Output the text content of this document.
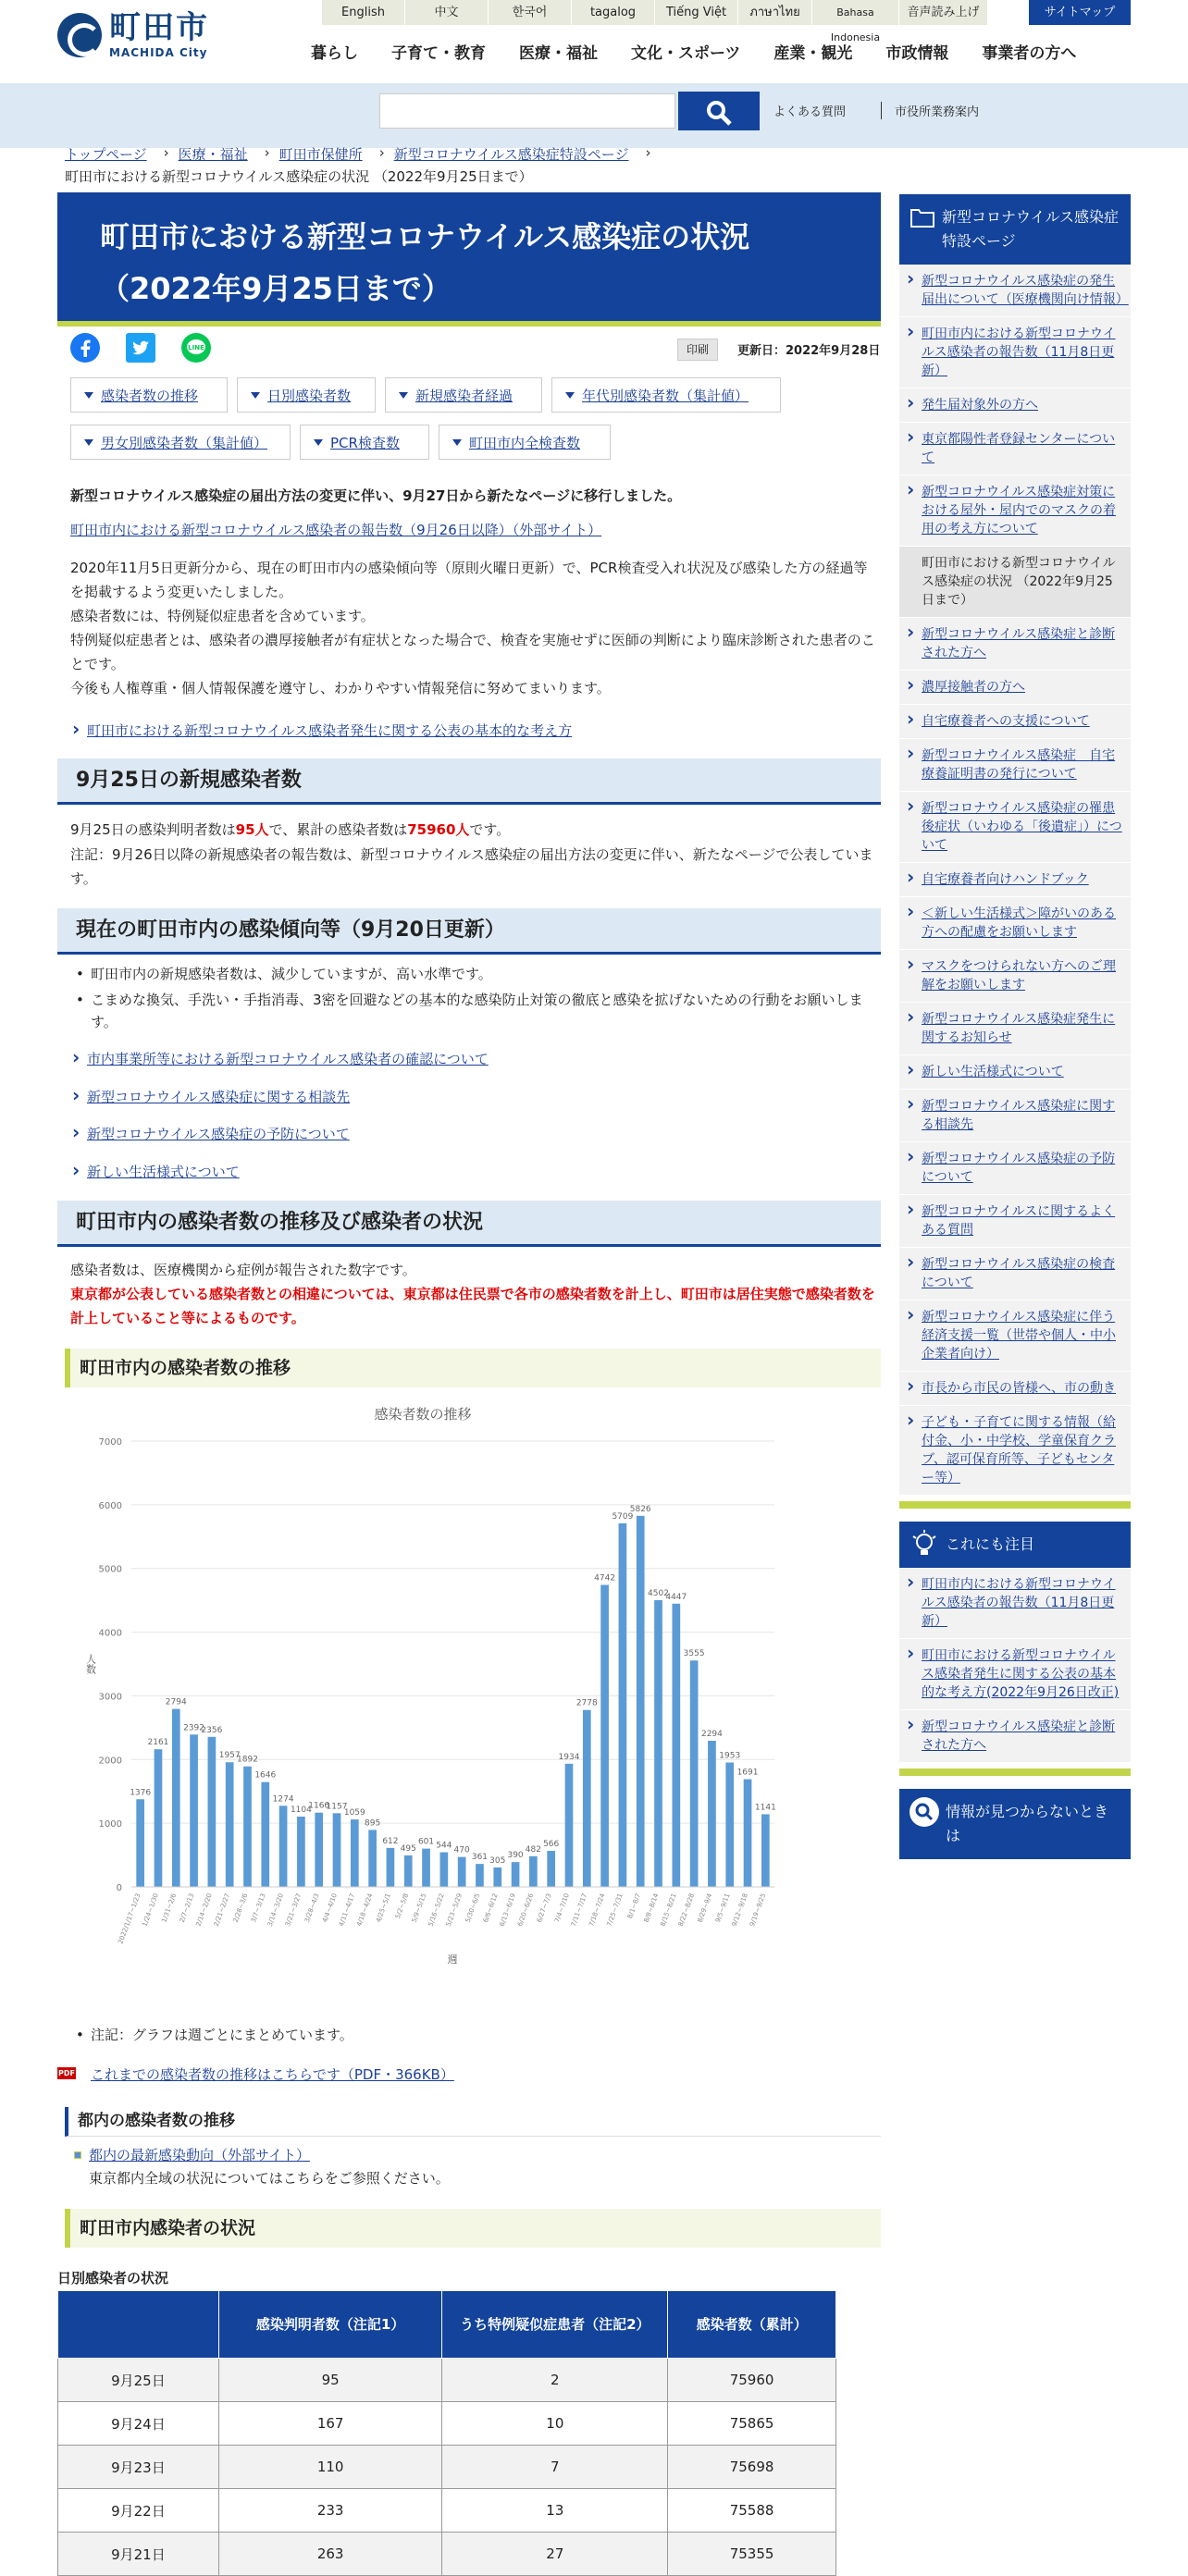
町田市
MACHIDA City
English	中文	한국어	tagalog	Tiếng Việt	ภาษาไทย	Bahasa Indonesia
音声読み上げ	サイトマップ
暮らし	子育て・教育	医療・福祉	文化・スポーツ	産業・観光	市政情報	事業者の方へ
よくある質問	市役所業務案内
トップページ › 医療・福祉 › 町田市保健所 › 新型コロナウイルス感染症特設ページ ›
町田市における新型コロナウイルス感染症の状況 （2022年9月25日まで）
町田市における新型コロナウイルス感染症の状況
（2022年9月25日まで）
LINE	印刷	更新日：2022年9月28日
感染者数の推移	日別感染者数	新規感染者経過	年代別感染者数（集計値）
男女別感染者数（集計値）	PCR検査数	町田市内全検査数
新型コロナウイルス感染症の届出方法の変更に伴い、9月27日から新たなページに移行しました。
町田市内における新型コロナウイルス感染者の報告数（9月26日以降）（外部サイト）
2020年11月5日更新分から、現在の町田市内の感染傾向等（原則火曜日更新）で、PCR検査受入れ状況及び感染した方の経過等を掲載するよう変更いたしました。
感染者数には、特例疑似症患者を含めています。
特例疑似症患者とは、感染者の濃厚接触者が有症状となった場合で、検査を実施せずに医師の判断により臨床診断された患者のことです。
今後も人権尊重・個人情報保護を遵守し、わかりやすい情報発信に努めてまいります。
› 町田市における新型コロナウイルス感染者発生に関する公表の基本的な考え方
9月25日の新規感染者数
9月25日の感染判明者数は95人で、累計の感染者数は75960人です。
注記：9月26日以降の新規感染者の報告数は、新型コロナウイルス感染症の届出方法の変更に伴い、新たなページで公表しています。
現在の町田市内の感染傾向等（9月20日更新）
• 町田市内の新規感染者数は、減少していますが、高い水準です。
• こまめな換気、手洗い・手指消毒、3密を回避などの基本的な感染防止対策の徹底と感染を拡げないための行動をお願いします。
› 市内事業所等における新型コロナウイルス感染者の確認について
› 新型コロナウイルス感染症に関する相談先
› 新型コロナウイルス感染症の予防について
› 新しい生活様式について
町田市内の感染者数の推移及び感染者の状況
感染者数は、医療機関から症例が報告された数字です。
東京都が公表している感染者数との相違については、東京都は住民票で各市の感染者数を計上し、町田市は居住実態で感染者数を計上していること等によるものです。
町田市内の感染者数の推移
感染者数の推移
0
1000
2000
3000
4000
5000
6000
7000
人数
1376
2022/1/17~1/23
2161
1/24~1/30
2794
1/31~2/6
2392
2/7~2/13
2356
2/14~2/20
1957
2/21~2/27
1892
2/28~3/6
1646
3/7~3/13
1274
3/14~3/20
1104
3/21~3/27
1166
3/28~4/3
1157
4/4~4/10
1059
4/11~4/17
895
4/18~4/24
612
4/25~5/1
495
5/2~5/8
601
5/9~5/15
544
5/16~5/22
470
5/23~5/29
361
5/30~6/5
305
6/6~6/12
390
6/13~6/19
482
6/20~6/26
566
6/27~7/3
1934
7/4~7/10
2778
7/11~7/17
4742
7/18~7/24
5709
7/25~7/31
5826
8/1~8/7
4502
8/8~8/14
4447
8/15~8/21
3555
8/22~8/28
2294
8/29~9/4
1953
9/5~9/11
1691
9/12~9/18
1141
9/19~9/25
週
• 注記：グラフは週ごとにまとめています。
PDF これまでの感染者数の推移はこちらです（PDF・366KB）
都内の感染者数の推移
都内の最新感染動向（外部サイト）
東京都内全域の状況についてはこちらをご参照ください。
町田市内感染者の状況
日別感染者の状況
	感染判明者数（注記1）	うち特例疑似症患者（注記2）	感染者数（累計）
9月25日	95	2	75960
9月24日	167	10	75865
9月23日	110	7	75698
9月22日	233	13	75588
9月21日	263	27	75355
新型コロナウイルス感染症特設ページ
› 新型コロナウイルス感染症の発生届出について（医療機関向け情報）
› 町田市内における新型コロナウイルス感染者の報告数（11月8日更新）
› 発生届対象外の方へ
› 東京都陽性者登録センターについて
› 新型コロナウイルス感染症対策における屋外・屋内でのマスクの着用の考え方について
町田市における新型コロナウイルス感染症の状況 （2022年9月25日まで）
› 新型コロナウイルス感染症と診断された方へ
› 濃厚接触者の方へ
› 自宅療養者への支援について
› 新型コロナウイルス感染症　自宅療養証明書の発行について
› 新型コロナウイルス感染症の罹患後症状（いわゆる「後遺症」）について
› 自宅療養者向けハンドブック
› ＜新しい生活様式＞障がいのある方への配慮をお願いします
› マスクをつけられない方へのご理解をお願いします
› 新型コロナウイルス感染症発生に関するお知らせ
› 新しい生活様式について
› 新型コロナウイルス感染症に関する相談先
› 新型コロナウイルス感染症の予防について
› 新型コロナウイルスに関するよくある質問
› 新型コロナウイルス感染症の検査について
› 新型コロナウイルス感染症に伴う経済支援一覧（世帯や個人・中小企業者向け）
› 市長から市民の皆様へ、市の動き
› 子ども・子育てに関する情報（給付金、小・中学校、学童保育クラブ、認可保育所等、子どもセンター等）
これにも注目
› 町田市内における新型コロナウイルス感染者の報告数（11月8日更新）
› 町田市における新型コロナウイルス感染者発生に関する公表の基本的な考え方(2022年9月26日改正)
› 新型コロナウイルス感染症と診断された方へ
情報が見つからないときは
